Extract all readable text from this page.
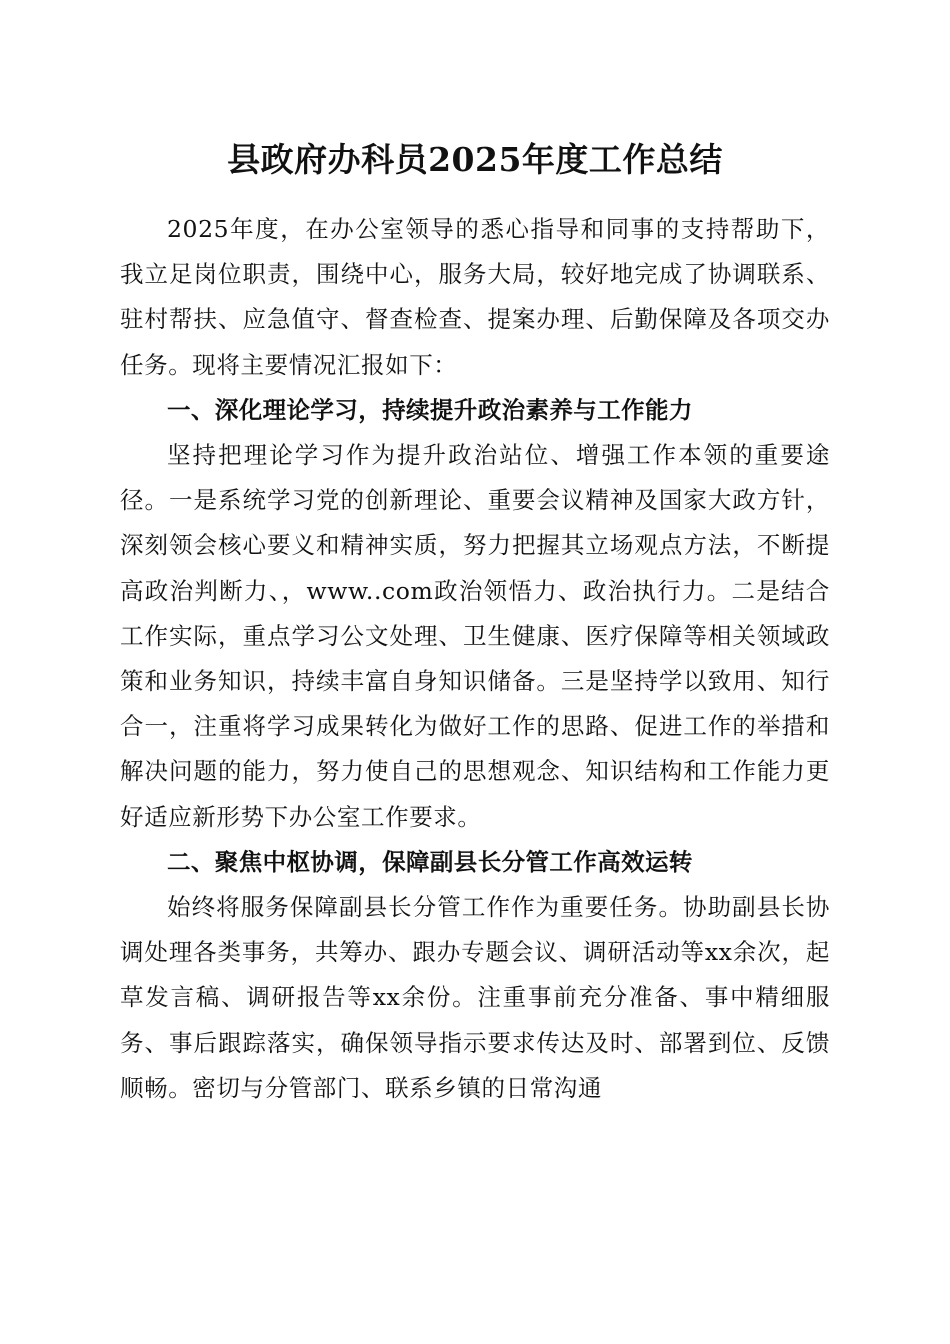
县政府办科员2025年度工作总结

2025年度，在办公室领导的悉心指导和同事的支持帮助下，我立足岗位职责，围绕中心，服务大局，较好地完成了协调联系、驻村帮扶、应急值守、督查检查、提案办理、后勤保障及各项交办任务。现将主要情况汇报如下：

一、深化理论学习，持续提升政治素养与工作能力

坚持把理论学习作为提升政治站位、增强工作本领的重要途径。一是系统学习党的创新理论、重要会议精神及国家大政方针，深刻领会核心要义和精神实质，努力把握其立场观点方法，不断提高政治判断力、，www..com政治领悟力、政治执行力。二是结合工作实际，重点学习公文处理、卫生健康、医疗保障等相关领域政策和业务知识，持续丰富自身知识储备。三是坚持学以致用、知行合一，注重将学习成果转化为做好工作的思路、促进工作的举措和解决问题的能力，努力使自己的思想观念、知识结构和工作能力更好适应新形势下办公室工作要求。

二、聚焦中枢协调，保障副县长分管工作高效运转

始终将服务保障副县长分管工作作为重要任务。协助副县长协调处理各类事务，共筹办、跟办专题会议、调研活动等xx余次，起草发言稿、调研报告等xx余份。注重事前充分准备、事中精细服务、事后跟踪落实，确保领导指示要求传达及时、部署到位、反馈顺畅。密切与分管部门、联系乡镇的日常沟通
